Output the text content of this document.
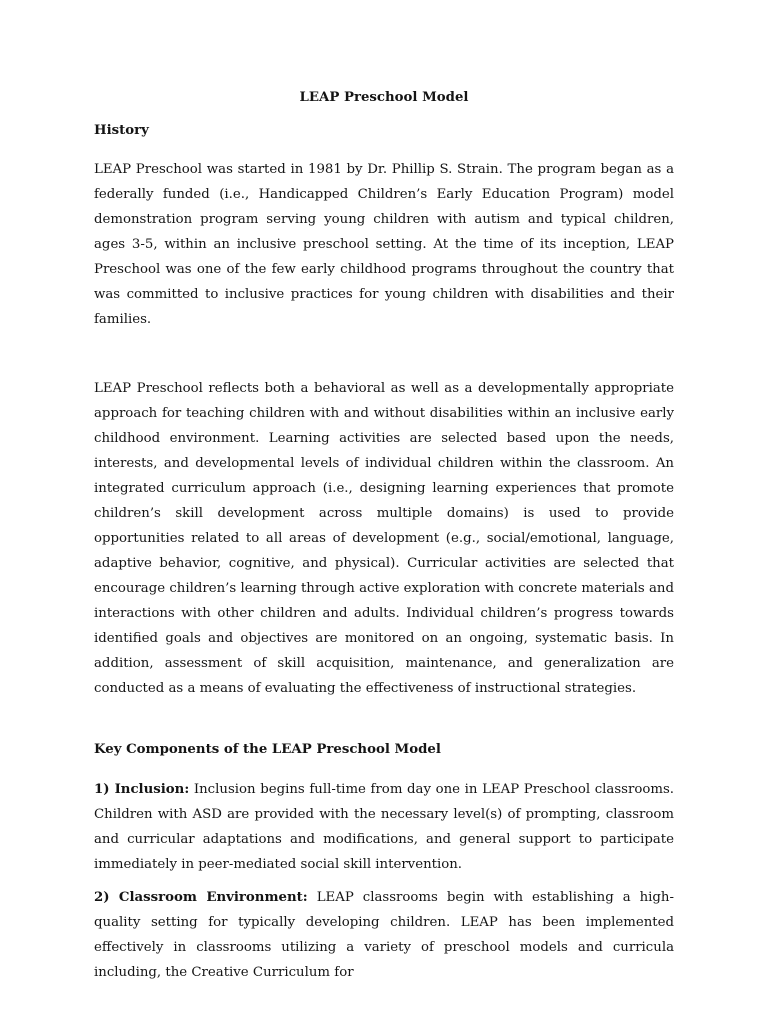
LEAP Preschool Model
History

LEAP Preschool was started in 1981 by Dr. Phillip S. Strain. The program began as a federally funded (i.e., Handicapped Children’s Early Education Program) model demonstration program serving young children with autism and typical children, ages 3-5, within an inclusive preschool setting. At the time of its inception, LEAP Preschool was one of the few early childhood programs throughout the country that was committed to inclusive practices for young children with disabilities and their families.

LEAP Preschool reflects both a behavioral as well as a developmentally appropriate approach for teaching children with and without disabilities within an inclusive early childhood environment. Learning activities are selected based upon the needs, interests, and developmental levels of individual children within the classroom. An integrated curriculum approach (i.e., designing learning experiences that promote children’s skill development across multiple domains) is used to provide opportunities related to all areas of development (e.g., social/emotional, language, adaptive behavior, cognitive, and physical). Curricular activities are selected that encourage children’s learning through active exploration with concrete materials and interactions with other children and adults. Individual children’s progress towards identified goals and objectives are monitored on an ongoing, systematic basis. In addition, assessment of skill acquisition, maintenance, and generalization are conducted as a means of evaluating the effectiveness of instructional strategies.

Key Components of the LEAP Preschool Model

1) Inclusion: Inclusion begins full-time from day one in LEAP Preschool classrooms. Children with ASD are provided with the necessary level(s) of prompting, classroom and curricular adaptations and modifications, and general support to participate immediately in peer-mediated social skill intervention.

2) Classroom Environment: LEAP classrooms begin with establishing a high-quality setting for typically developing children. LEAP has been implemented effectively in classrooms utilizing a variety of preschool models and curricula including, the Creative Curriculum for
